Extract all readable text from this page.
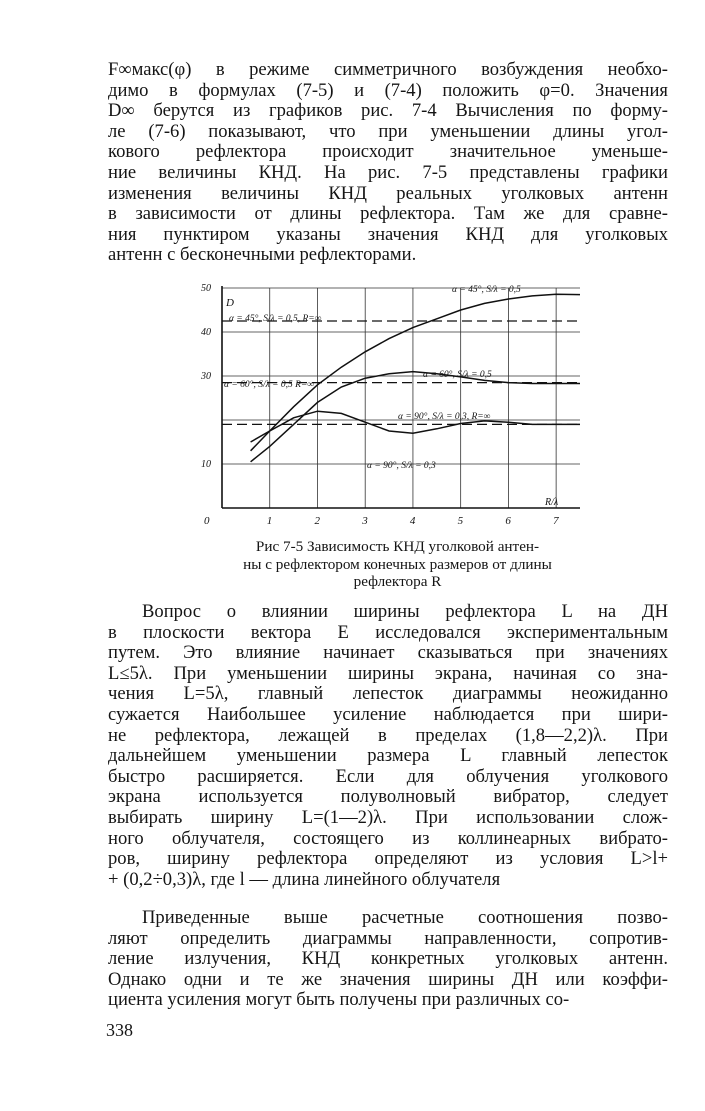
F∞макс(φ) в режиме симметричного возбуждения необхо-
димо в формулах (7-5) и (7-4) положить φ=0. Значения
D∞ берутся из графиков рис. 7-4 Вычисления по форму-
ле (7-6) показывают, что при уменьшении длины угол-
кового рефлектора происходит значительное уменьше-
ние величины КНД. На рис. 7-5 представлены графики
изменения величины КНД реальных уголковых антенн
в зависимости от длины рефлектора. Там же для сравне-
ния пунктиром указаны значения КНД для уголковых
антенн с бесконечными рефлекторами.
0	1	2	3	4	5	6	7
10
30
40
50
D
R/λ
α = 45°, S/λ = 0,5
α = 45°, S/λ = 0,5, R=∞
α = 60°, S/λ = 0,5
α = 60°, S/λ = 0,5 R=∞
α = 90°, S/λ = 0,3, R=∞
α = 90°, S/λ = 0,3
Рис 7-5 Зависимость КНД уголковой антен-
ны с рефлектором конечных размеров от длины
рефлектора R
Вопрос о влиянии ширины рефлектора L на ДН
в плоскости вектора E исследовался экспериментальным
путем. Это влияние начинает сказываться при значениях
L≤5λ. При уменьшении ширины экрана, начиная со зна-
чения L=5λ, главный лепесток диаграммы неожиданно
сужается Наибольшее усиление наблюдается при шири-
не рефлектора, лежащей в пределах (1,8—2,2)λ. При
дальнейшем уменьшении размера L главный лепесток
быстро расширяется. Если для облучения уголкового
экрана используется полуволновый вибратор, следует
выбирать ширину L=(1—2)λ. При использовании слож-
ного облучателя, состоящего из коллинеарных вибрато-
ров, ширину рефлектора определяют из условия L>l+
+ (0,2÷0,3)λ, где l — длина линейного облучателя
Приведенные выше расчетные соотношения позво-
ляют определить диаграммы направленности, сопротив-
ление излучения, КНД конкретных уголковых антенн.
Однако одни и те же значения ширины ДН или коэффи-
циента усиления могут быть получены при различных со-

338
